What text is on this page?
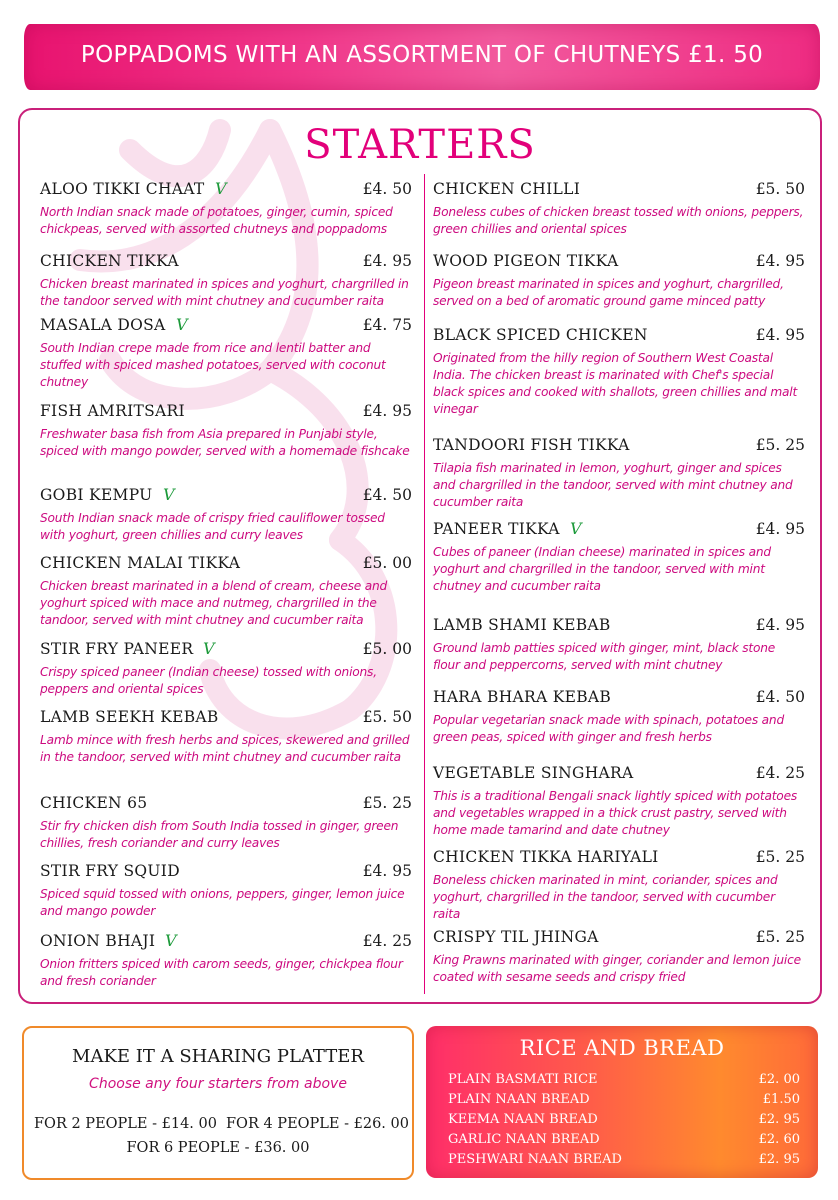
POPPADOMS WITH AN ASSORTMENT OF CHUTNEYS £1. 50
STARTERS
ALOO TIKKI CHAAT V	£4. 50

North Indian snack made of potatoes, ginger, cumin, spiced chickpeas, served with assorted chutneys and poppadoms

CHICKEN TIKKA	£4. 95

Chicken breast marinated in spices and yoghurt, chargrilled in the tandoor served with mint chutney and cucumber raita

MASALA DOSA V	£4. 75

South Indian crepe made from rice and lentil batter and stuffed with spiced mashed potatoes, served with coconut chutney

FISH AMRITSARI	£4. 95

Freshwater basa fish from Asia prepared in Punjabi style, spiced with mango powder, served with a homemade fishcake

GOBI KEMPU V	£4. 50

South Indian snack made of crispy fried cauliflower tossed with yoghurt, green chillies and curry leaves

CHICKEN MALAI TIKKA	£5. 00

Chicken breast marinated in a blend of cream, cheese and yoghurt spiced with mace and nutmeg, chargrilled in the tandoor, served with mint chutney and cucumber raita

STIR FRY PANEER V	£5. 00

Crispy spiced paneer (Indian cheese) tossed with onions, peppers and oriental spices

LAMB SEEKH KEBAB	£5. 50

Lamb mince with fresh herbs and spices, skewered and grilled in the tandoor, served with mint chutney and cucumber raita

CHICKEN 65	£5. 25

Stir fry chicken dish from South India tossed in ginger, green chillies, fresh coriander and curry leaves

STIR FRY SQUID	£4. 95

Spiced squid tossed with onions, peppers, ginger, lemon juice and mango powder

ONION BHAJI V	£4. 25

Onion fritters spiced with carom seeds, ginger, chickpea flour and fresh coriander

CHICKEN CHILLI	£5. 50

Boneless cubes of chicken breast tossed with onions, peppers, green chillies and oriental spices

WOOD PIGEON TIKKA	£4. 95

Pigeon breast marinated in spices and yoghurt, chargrilled, served on a bed of aromatic ground game minced patty

BLACK SPICED CHICKEN	£4. 95

Originated from the hilly region of Southern West Coastal India. The chicken breast is marinated with Chef's special black spices and cooked with shallots, green chillies and malt vinegar

TANDOORI FISH TIKKA	£5. 25

Tilapia fish marinated in lemon, yoghurt, ginger and spices and chargrilled in the tandoor, served with mint chutney and cucumber raita

PANEER TIKKA V	£4. 95

Cubes of paneer (Indian cheese) marinated in spices and yoghurt and chargrilled in the tandoor, served with mint chutney and cucumber raita

LAMB SHAMI KEBAB	£4. 95

Ground lamb patties spiced with ginger, mint, black stone flour and peppercorns, served with mint chutney

HARA BHARA KEBAB	£4. 50

Popular vegetarian snack made with spinach, potatoes and green peas, spiced with ginger and fresh herbs

VEGETABLE SINGHARA	£4. 25

This is a traditional Bengali snack lightly spiced with potatoes and vegetables wrapped in a thick crust pastry, served with home made tamarind and date chutney

CHICKEN TIKKA HARIYALI	£5. 25

Boneless chicken marinated in mint, coriander, spices and yoghurt, chargrilled in the tandoor, served with cucumber raita

CRISPY TIL JHINGA	£5. 25

King Prawns marinated with ginger, coriander and lemon juice coated with sesame seeds and crispy fried

MAKE IT A SHARING PLATTER
Choose any four starters from above
FOR 2 PEOPLE - £14. 00 FOR 4 PEOPLE - £26. 00
FOR 6 PEOPLE - £36. 00
RICE AND BREAD
PLAIN BASMATI RICE	£2. 00
PLAIN NAAN BREAD	£1.50
KEEMA NAAN BREAD	£2. 95
GARLIC NAAN BREAD	£2. 60
PESHWARI NAAN BREAD	£2. 95
